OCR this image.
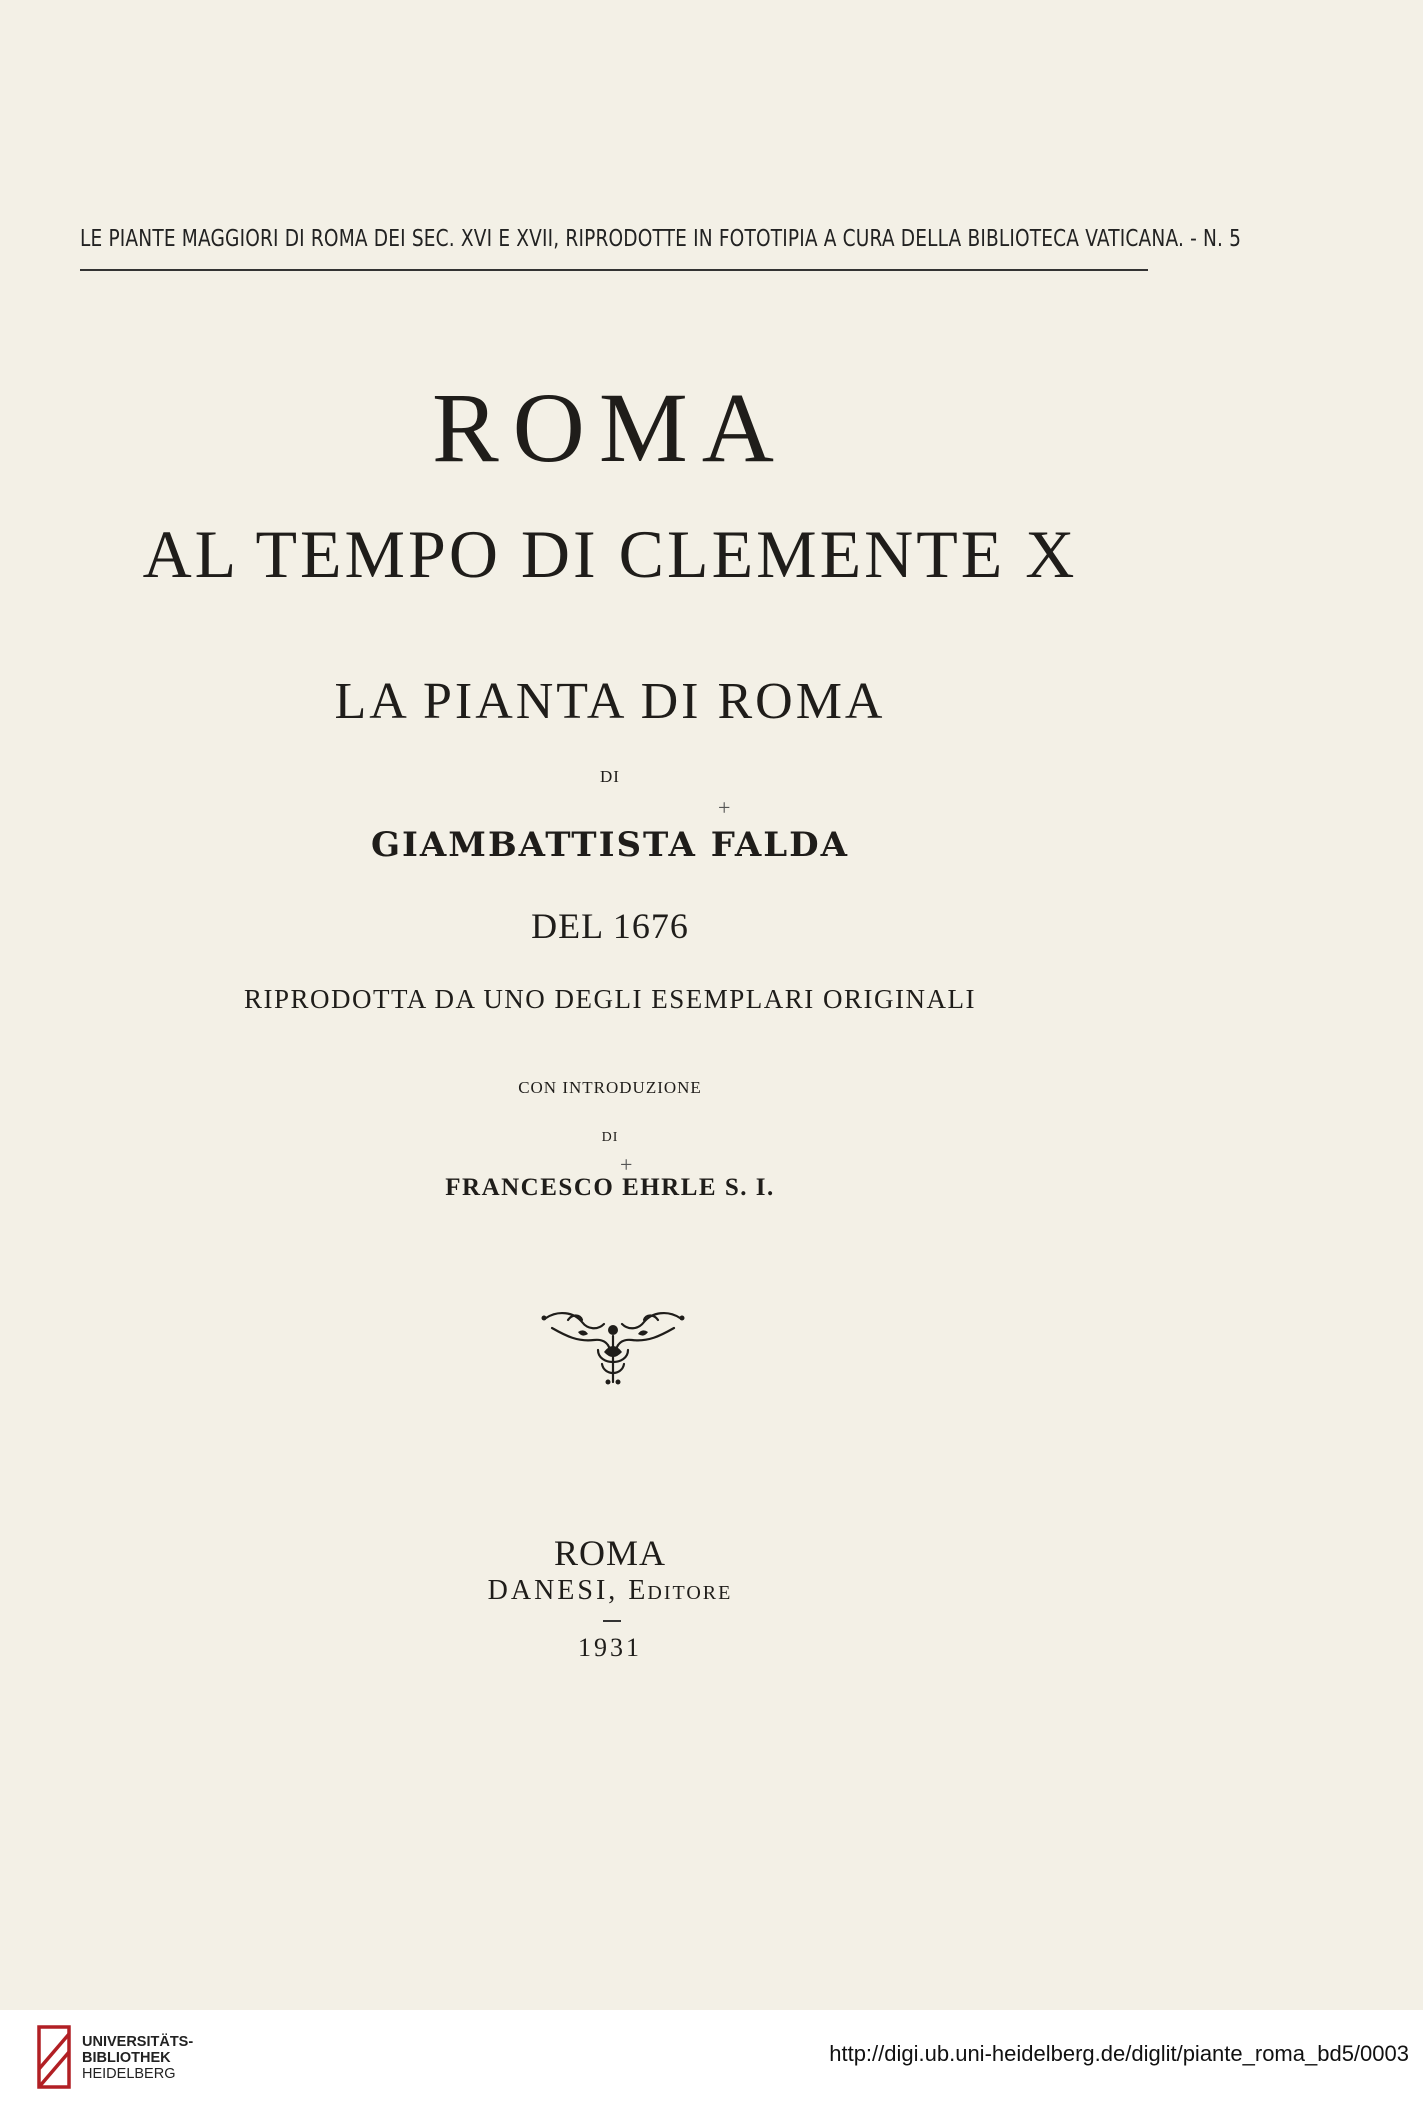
LE PIANTE MAGGIORI DI ROMA DEI SEC. XVI E XVII, RIPRODOTTE IN FOTOTIPIA A CURA DELLA BIBLIOTECA VATICANA. - N. 5
ROMA
AL TEMPO DI CLEMENTE X
LA PIANTA DI ROMA
DI
+
GIAMBATTISTA FALDA
DEL 1676
RIPRODOTTA DA UNO DEGLI ESEMPLARI ORIGINALI
CON INTRODUZIONE
DI
+
FRANCESCO EHRLE S. I.
ROMA
DANESI, Editore
1931
UNIVERSITÄTS-
BIBLIOTHEK
HEIDELBERG
http://digi.ub.uni-heidelberg.de/diglit/piante_roma_bd5/0003
